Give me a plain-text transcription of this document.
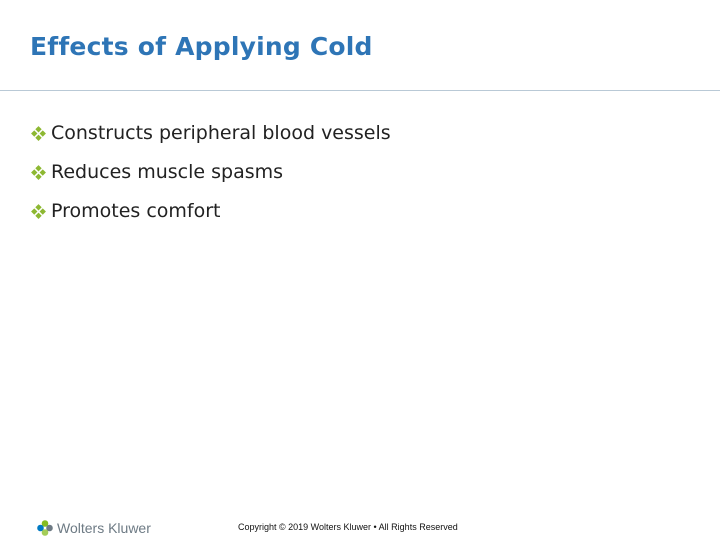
Effects of Applying Cold
Constructs peripheral blood vessels
Reduces muscle spasms
Promotes comfort
Wolters Kluwer	Copyright © 2019 Wolters Kluwer • All Rights Reserved
